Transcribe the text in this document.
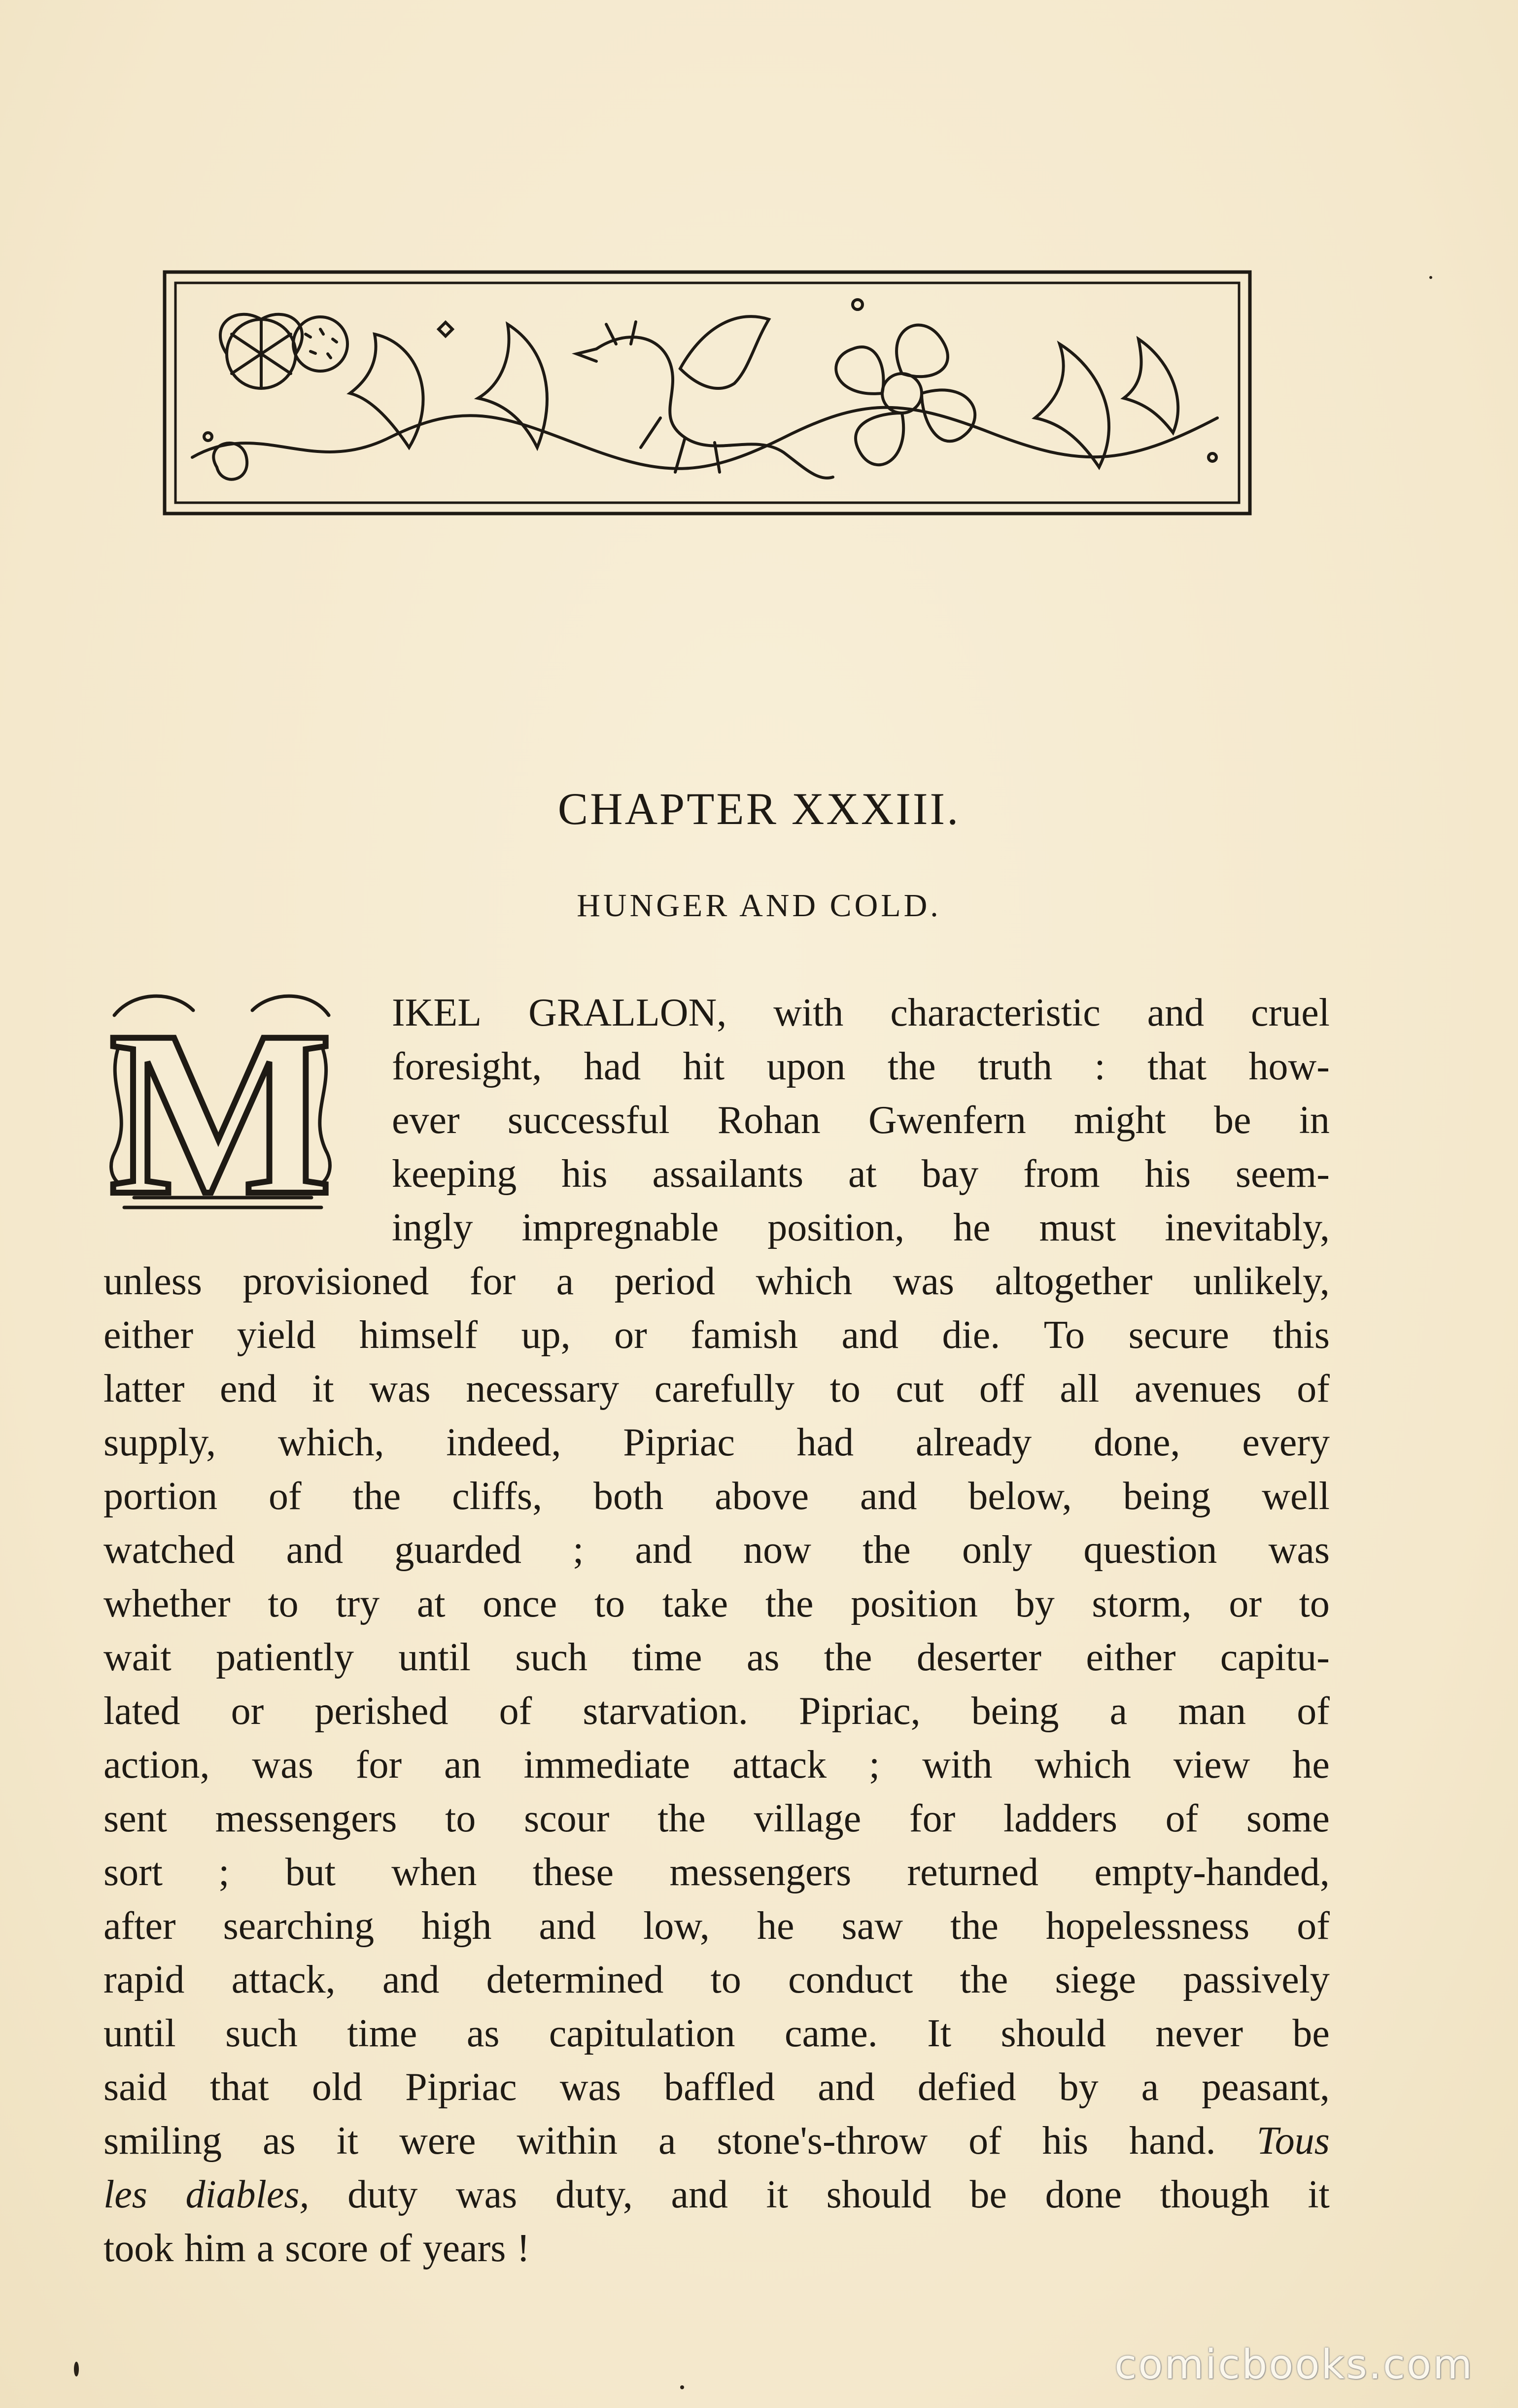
CHAPTER XXXIII.
HUNGER AND COLD.
M IKEL GRALLON, with characteristic and cruel
foresight, had hit upon the truth : that how-
ever successful Rohan Gwenfern might be in
keeping his assailants at bay from his seem-
ingly impregnable position, he must inevitably,
unless provisioned for a period which was altogether unlikely,
either yield himself up, or famish and die. To secure this
latter end it was necessary carefully to cut off all avenues of
supply, which, indeed, Pipriac had already done, every
portion of the cliffs, both above and below, being well
watched and guarded ; and now the only question was
whether to try at once to take the position by storm, or to
wait patiently until such time as the deserter either capitu-
lated or perished of starvation. Pipriac, being a man of
action, was for an immediate attack ; with which view he
sent messengers to scour the village for ladders of some
sort ; but when these messengers returned empty-handed,
after searching high and low, he saw the hopelessness of
rapid attack, and determined to conduct the siege passively
until such time as capitulation came. It should never be
said that old Pipriac was baffled and defied by a peasant,
smiling as it were within a stone's-throw of his hand. Tous
les diables, duty was duty, and it should be done though it
took him a score of years !
comicbooks.com
